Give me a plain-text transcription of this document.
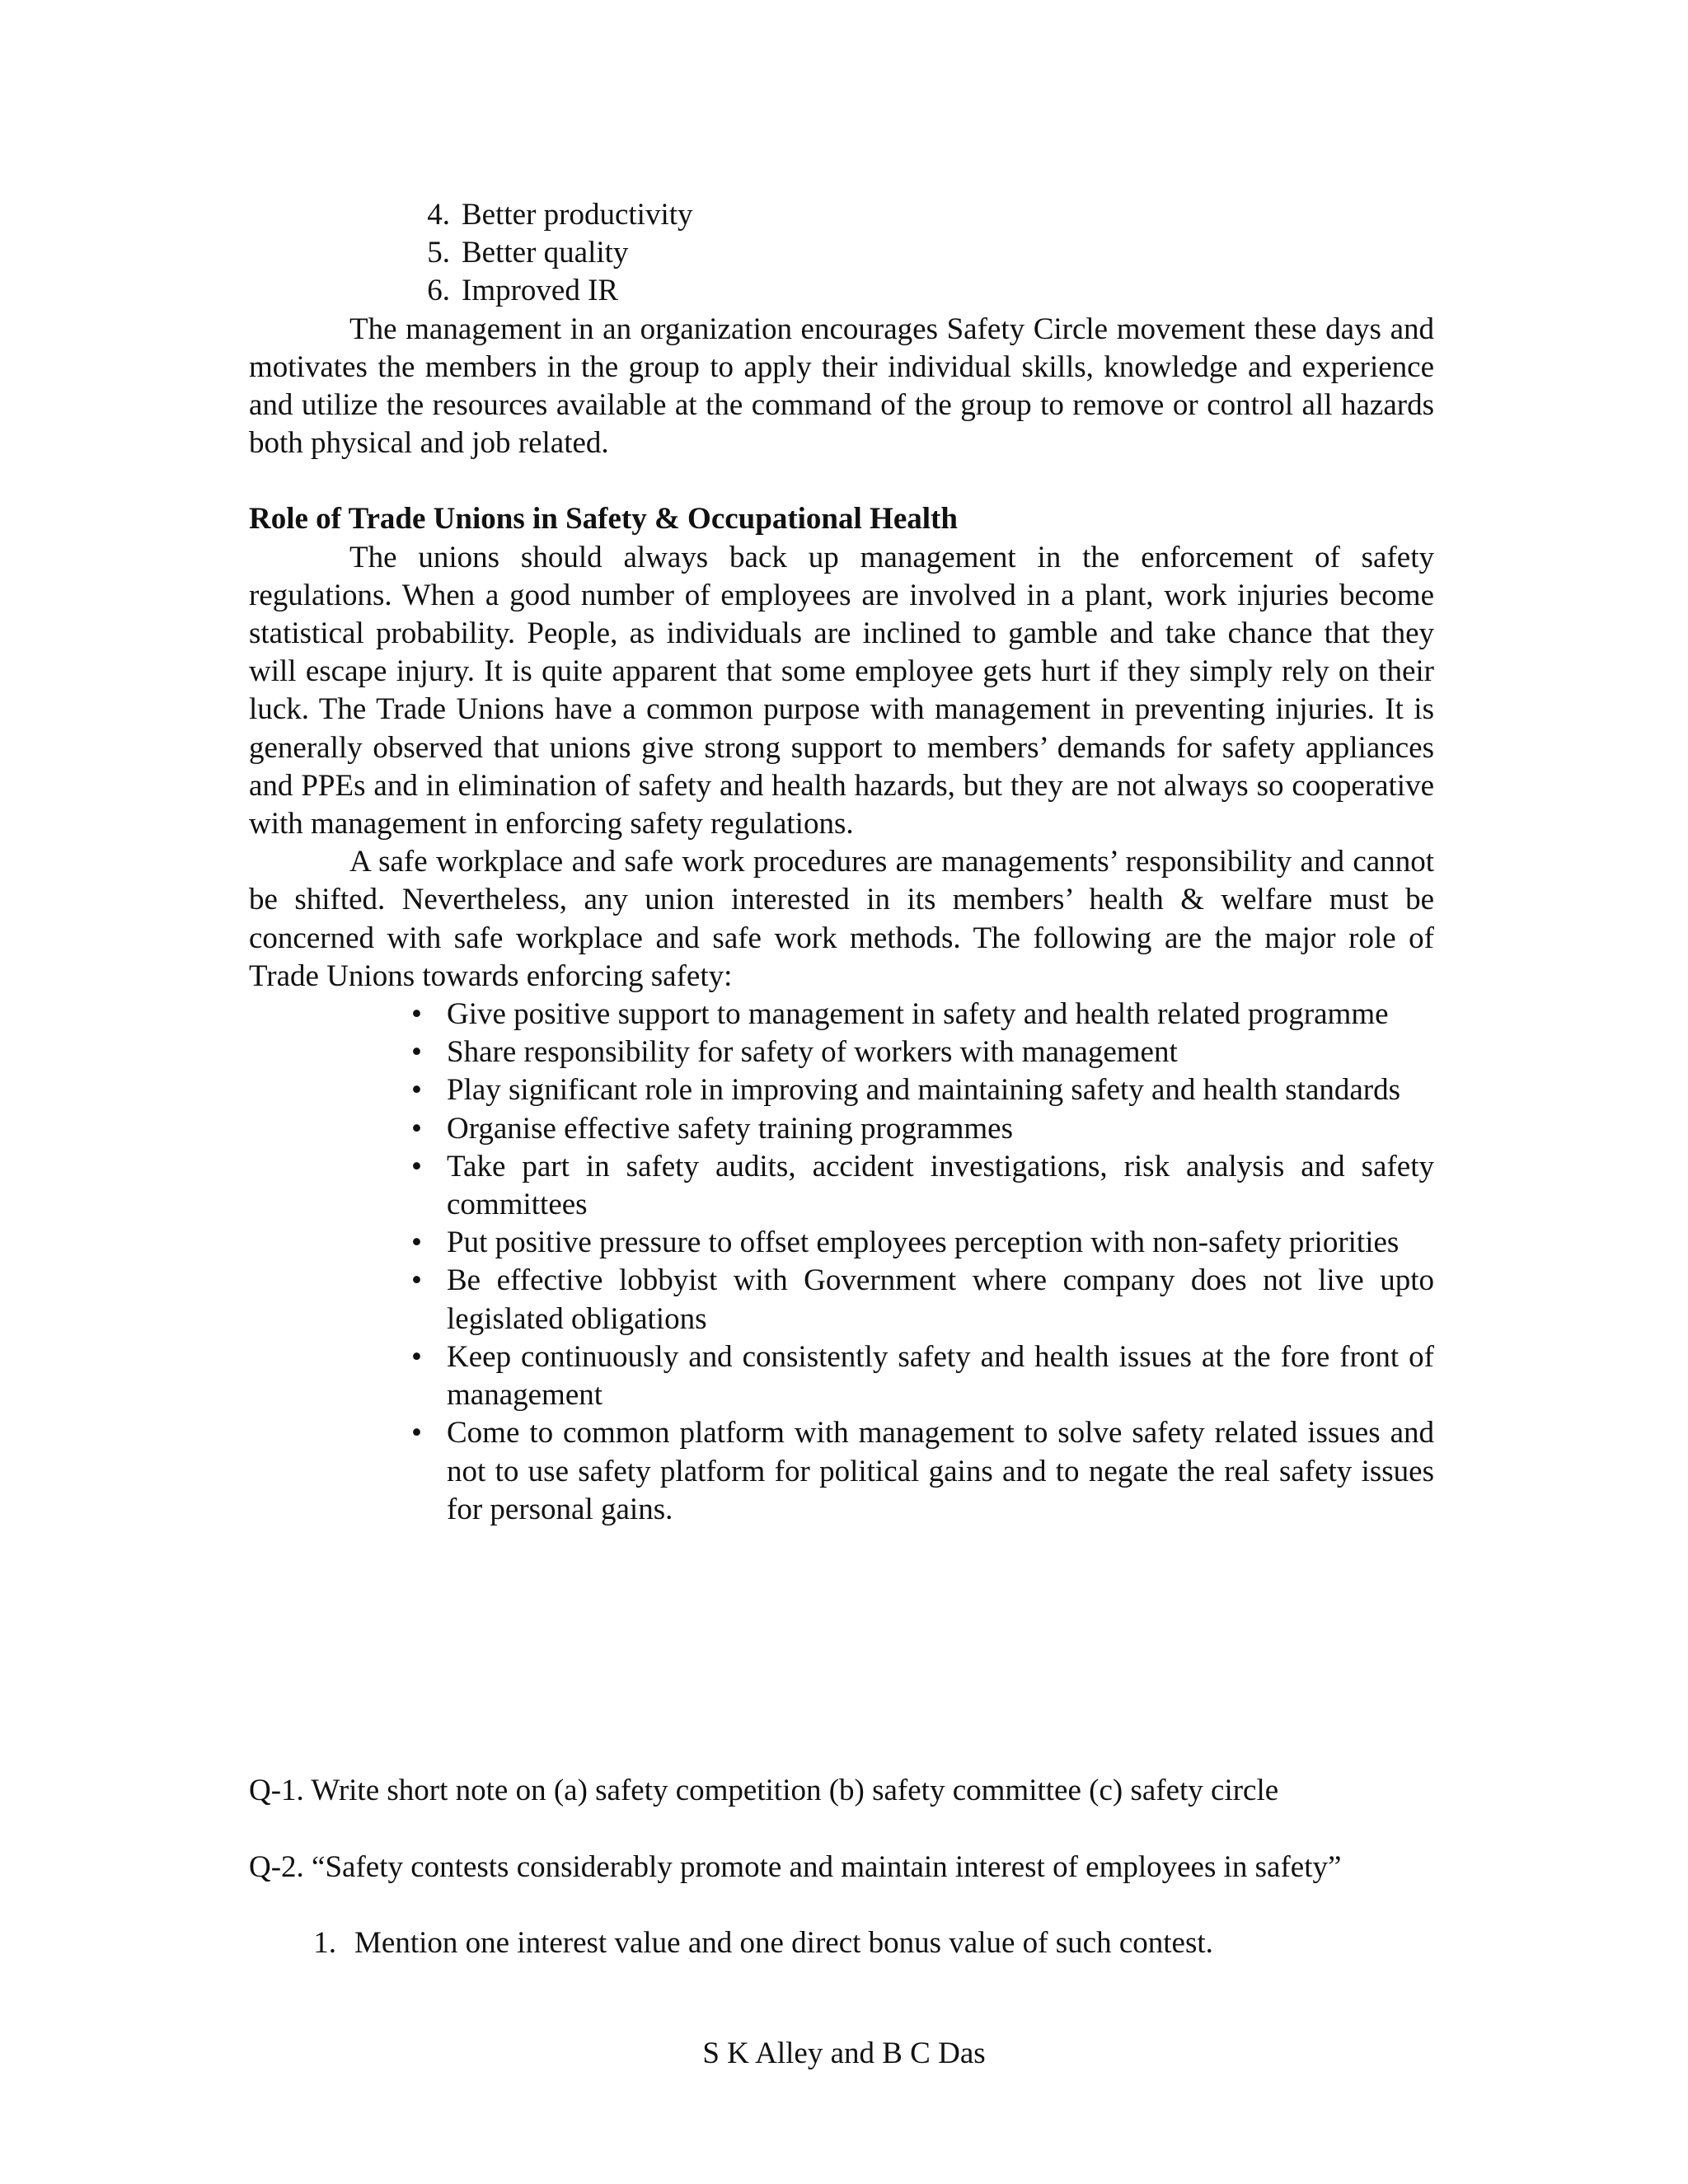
4. Better productivity
5. Better quality
6. Improved IR

The management in an organization encourages Safety Circle movement these days and motivates the members in the group to apply their individual skills, knowledge and experience and utilize the resources available at the command of the group to remove or control all hazards both physical and job related.

Role of Trade Unions in Safety & Occupational Health

The unions should always back up management in the enforcement of safety regulations. When a good number of employees are involved in a plant, work injuries become statistical probability. People, as individuals are inclined to gamble and take chance that they will escape injury. It is quite apparent that some employee gets hurt if they simply rely on their luck. The Trade Unions have a common purpose with management in preventing injuries. It is generally observed that unions give strong support to members’ demands for safety appliances and PPEs and in elimination of safety and health hazards, but they are not always so cooperative with management in enforcing safety regulations.

A safe workplace and safe work procedures are managements’ responsibility and cannot be shifted. Nevertheless, any union interested in its members’ health & welfare must be concerned with safe workplace and safe work methods. The following are the major role of Trade Unions towards enforcing safety:

• Give positive support to management in safety and health related programme
• Share responsibility for safety of workers with management
• Play significant role in improving and maintaining safety and health standards
• Organise effective safety training programmes
• Take part in safety audits, accident investigations, risk analysis and safety committees
• Put positive pressure to offset employees perception with non-safety priorities
• Be effective lobbyist with Government where company does not live upto legislated obligations
• Keep continuously and consistently safety and health issues at the fore front of management
• Come to common platform with management to solve safety related issues and not to use safety platform for political gains and to negate the real safety issues for personal gains.
Q-1. Write short note on (a) safety competition (b) safety committee (c) safety circle
Q-2. “Safety contests considerably promote and maintain interest of employees in safety”
1. Mention one interest value and one direct bonus value of such contest.
S K Alley and B C Das
